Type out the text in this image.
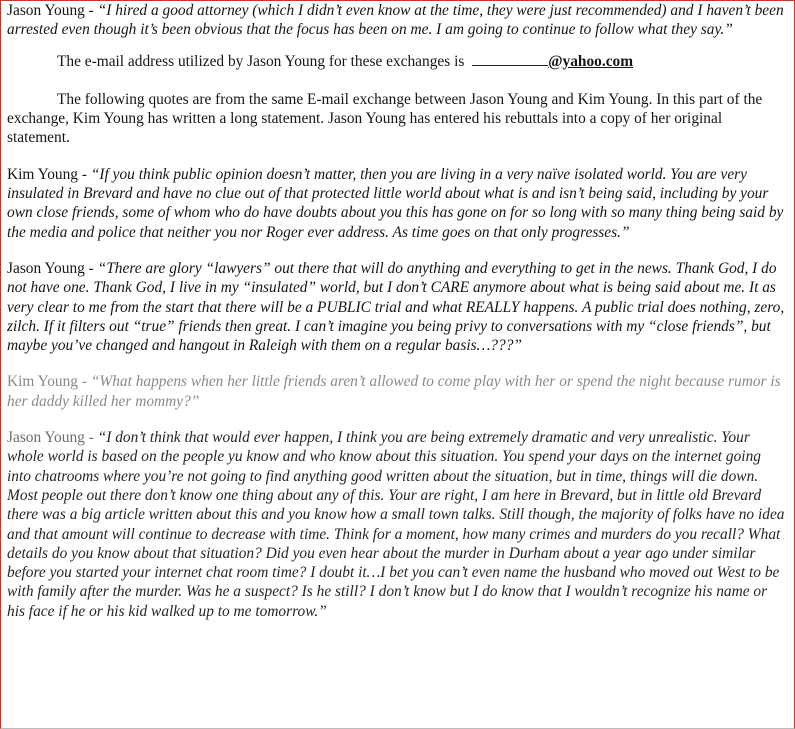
Jason Young - “I hired a good attorney (which I didn’t even know at the time, they were just recommended) and I haven’t been arrested even though it’s been obvious that the focus has been on me. I am going to continue to follow what they say.”

The e-mail address utilized by Jason Young for these exchanges is	@yahoo.com

The following quotes are from the same E-mail exchange between Jason Young and Kim Young. In this part of the exchange, Kim Young has written a long statement. Jason Young has entered his rebuttals into a copy of her original statement.

Kim Young - “If you think public opinion doesn’t matter, then you are living in a very naïve isolated world. You are very insulated in Brevard and have no clue out of that protected little world about what is and isn’t being said, including by your own close friends, some of whom who do have doubts about you this has gone on for so long with so many thing being said by the media and police that neither you nor Roger ever address. As time goes on that only progresses.”

Jason Young - “There are glory “lawyers” out there that will do anything and everything to get in the news. Thank God, I do not have one. Thank God, I live in my “insulated” world, but I don’t CARE anymore about what is being said about me. It as very clear to me from the start that there will be a PUBLIC trial and what REALLY happens. A public trial does nothing, zero, zilch. If it filters out “true” friends then great. I can’t imagine you being privy to conversations with my “close friends”, but maybe you’ve changed and hangout in Raleigh with them on a regular basis…???”

Kim Young - “What happens when her little friends aren’t allowed to come play with her or spend the night because rumor is her daddy killed her mommy?”

Jason Young - “I don’t think that would ever happen, I think you are being extremely dramatic and very unrealistic. Your whole world is based on the people yu know and who know about this situation. You spend your days on the internet going into chatrooms where you’re not going to find anything good written about the situation, but in time, things will die down. Most people out there don’t know one thing about any of this. Your are right, I am here in Brevard, but in little old Brevard there was a big article written about this and you know how a small town talks. Still though, the majority of folks have no idea and that amount will continue to decrease with time. Think for a moment, how many crimes and murders do you recall? What details do you know about that situation? Did you even hear about the murder in Durham about a year ago under similar before you started your internet chat room time? I doubt it…I bet you can’t even name the husband who moved out West to be with family after the murder. Was he a suspect? Is he still? I don’t know but I do know that I wouldn’t recognize his name or his face if he or his kid walked up to me tomorrow.”
